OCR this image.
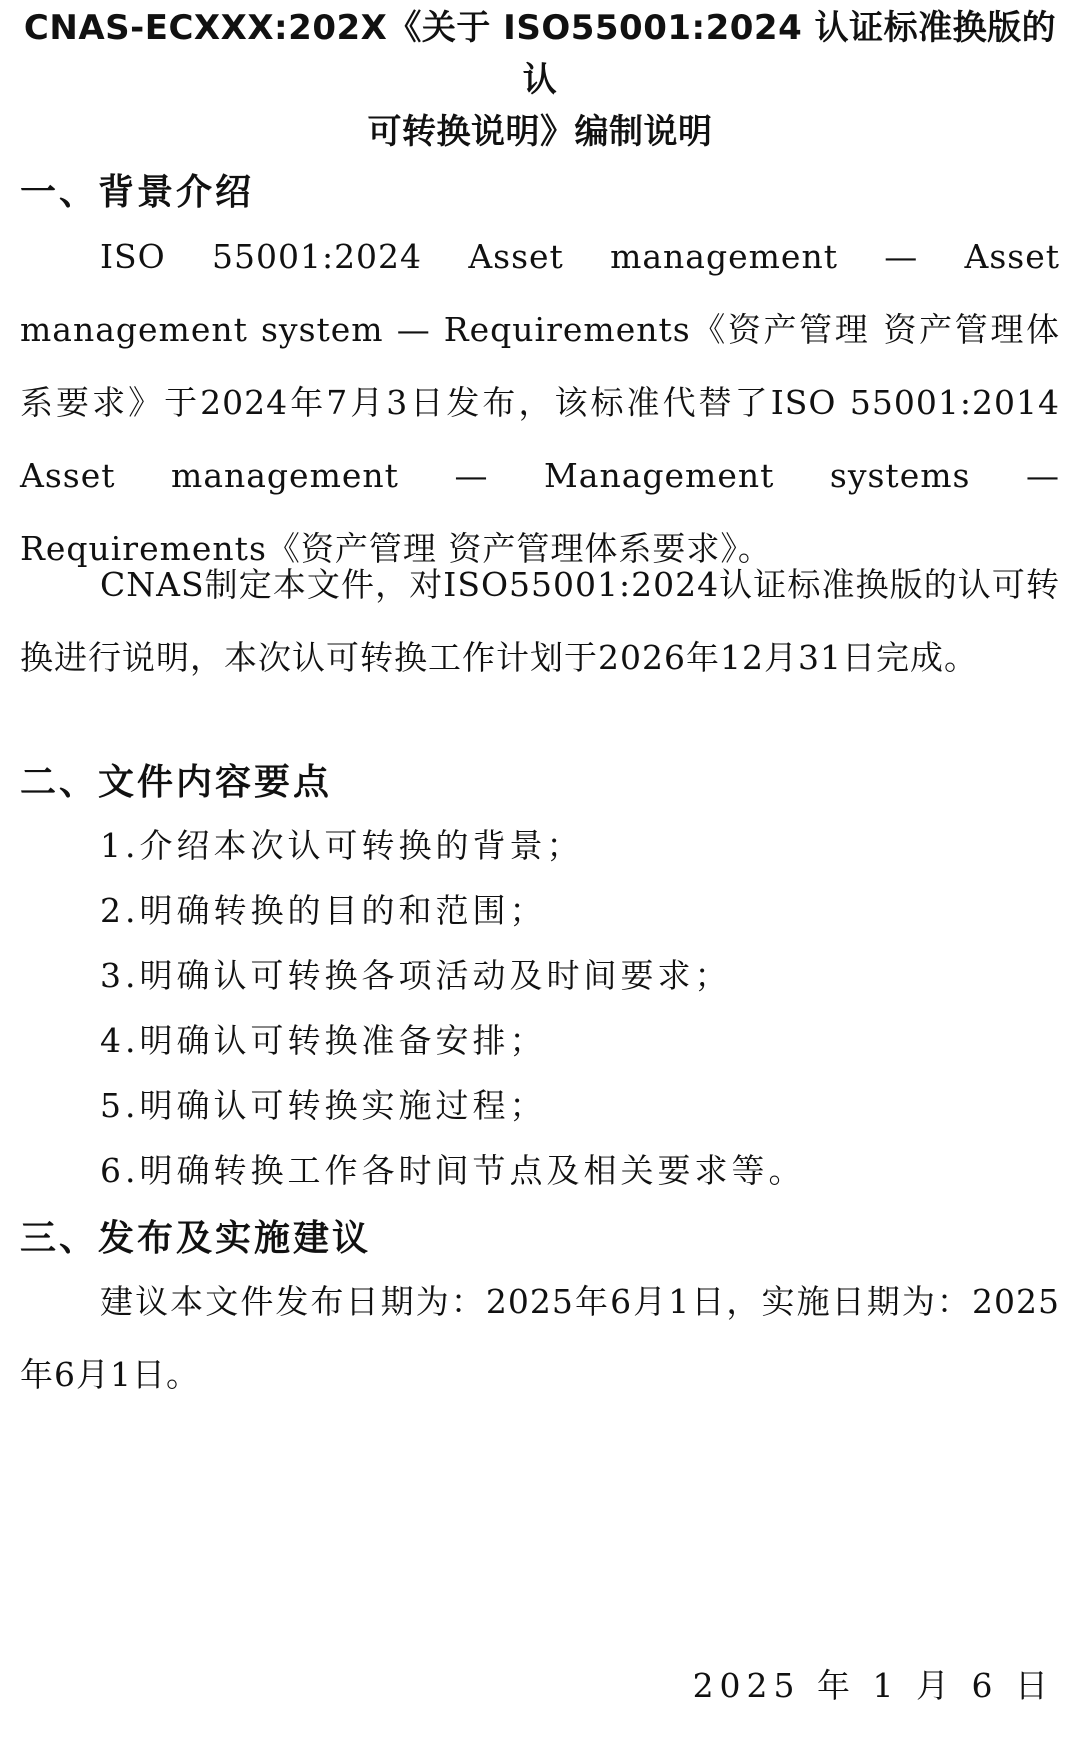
CNAS-ECXXX:202X《关于 ISO55001:2024 认证标准换版的认
可转换说明》编制说明
一、背景介绍

ISO 55001:2024 Asset management — Asset management system — Requirements《资产管理 资产管理体系要求》于2024年7月3日发布，该标准代替了ISO 55001:2014 Asset management — Management systems — Requirements《资产管理 资产管理体系要求》。

CNAS制定本文件，对ISO55001:2024认证标准换版的认可转换进行说明，本次认可转换工作计划于2026年12月31日完成。

二、文件内容要点

1.介绍本次认可转换的背景；

2.明确转换的目的和范围；

3.明确认可转换各项活动及时间要求；

4.明确认可转换准备安排；

5.明确认可转换实施过程；

6.明确转换工作各时间节点及相关要求等。

三、发布及实施建议

建议本文件发布日期为：2025年6月1日，实施日期为：2025年6月1日。

2025 年 1 月 6 日
